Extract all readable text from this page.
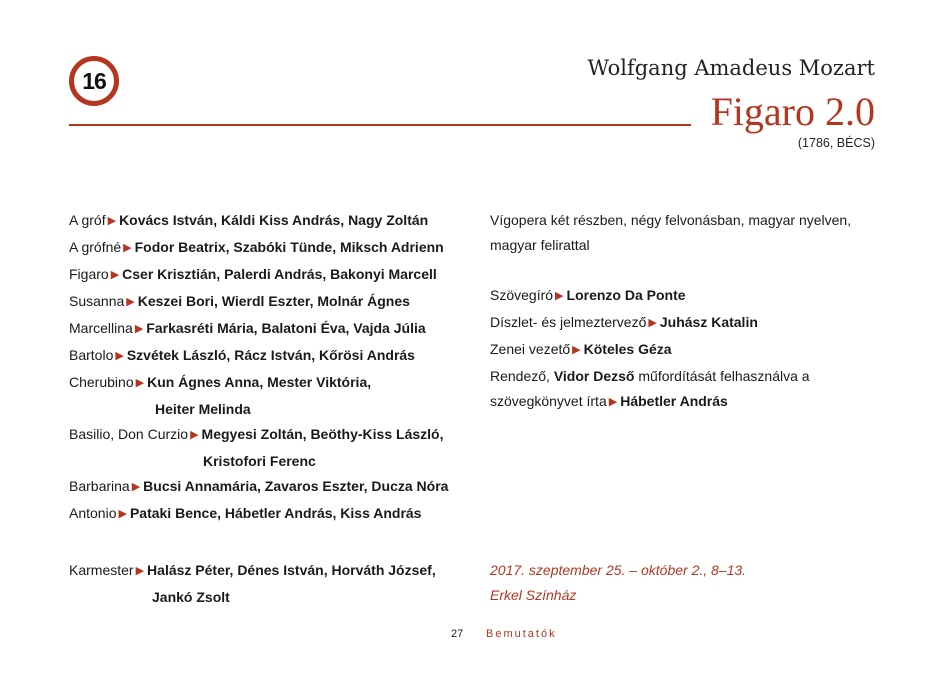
16	Wolfgang Amadeus Mozart
Figaro 2.0
(1786, BÉCS)
A gróf ▶ Kovács István, Káldi Kiss András, Nagy Zoltán
A grófné ▶ Fodor Beatrix, Szabóki Tünde, Miksch Adrienn
Figaro ▶ Cser Krisztián, Palerdi András, Bakonyi Marcell
Susanna ▶ Keszei Bori, Wierdl Eszter, Molnár Ágnes
Marcellina ▶ Farkasréti Mária, Balatoni Éva, Vajda Júlia
Bartolo ▶ Szvétek László, Rácz István, Kőrösi András
Cherubino ▶ Kun Ágnes Anna, Mester Viktória,
Heiter Melinda
Basilio, Don Curzio ▶ Megyesi Zoltán, Beöthy-Kiss László,
Kristofori Ferenc
Barbarina ▶ Bucsi Annamária, Zavaros Eszter, Ducza Nóra
Antonio ▶ Pataki Bence, Hábetler András, Kiss András
Vígopera két részben, négy felvonásban, magyar nyelven,
magyar felirattal
Szövegíró ▶ Lorenzo Da Ponte
Díszlet- és jelmeztervező ▶ Juhász Katalin
Zenei vezető ▶ Köteles Géza
Rendező, Vidor Dezső műfordítását felhasználva a
szövegkönyvet írta ▶ Hábetler András
Karmester ▶ Halász Péter, Dénes István, Horváth József,
Jankó Zsolt
2017. szeptember 25. – október 2., 8–13.
Erkel Színház
27 Bemutatók
